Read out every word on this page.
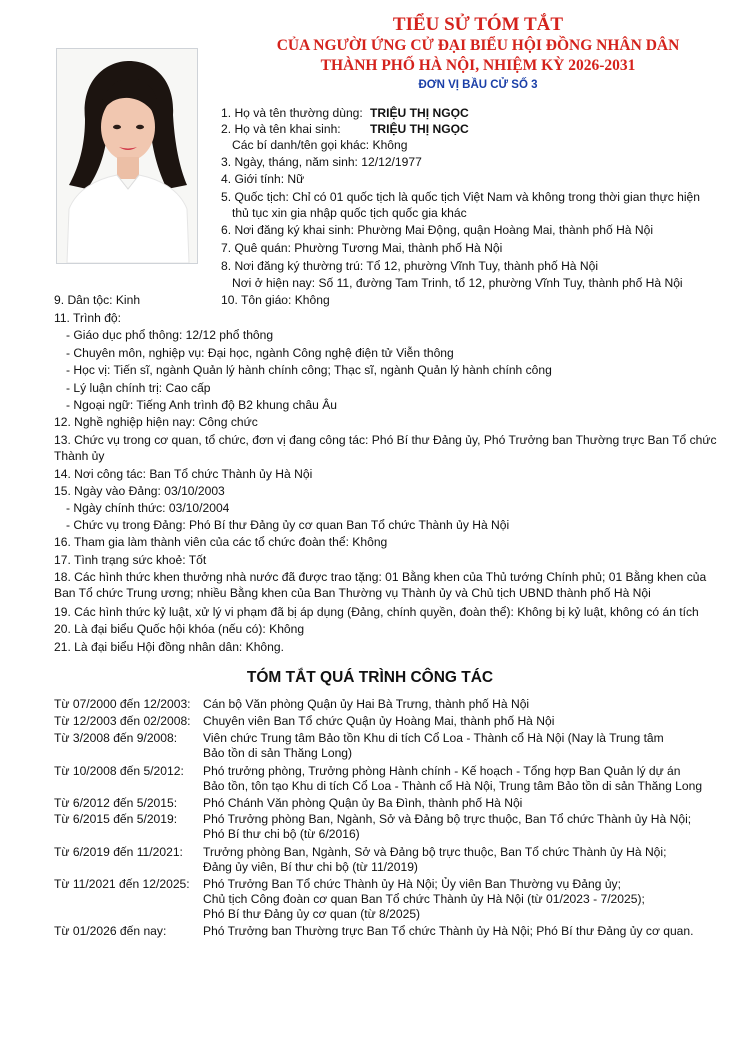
TIỂU SỬ TÓM TẮT
CỦA NGƯỜI ỨNG CỬ ĐẠI BIỂU HỘI ĐỒNG NHÂN DÂN
THÀNH PHỐ HÀ NỘI, NHIỆM KỲ 2026-2031
ĐƠN VỊ BẦU CỬ SỐ 3
1. Họ và tên thường dùng: TRIỆU THỊ NGỌC
2. Họ và tên khai sinh: TRIỆU THỊ NGỌC
Các bí danh/tên gọi khác: Không
3. Ngày, tháng, năm sinh: 12/12/1977
4. Giới tính: Nữ
5. Quốc tịch: Chỉ có 01 quốc tịch là quốc tịch Việt Nam và không trong thời gian thực hiện
thủ tục xin gia nhập quốc tịch quốc gia khác
6. Nơi đăng ký khai sinh: Phường Mai Động, quận Hoàng Mai, thành phố Hà Nội
7. Quê quán: Phường Tương Mai, thành phố Hà Nội
8. Nơi đăng ký thường trú: Tổ 12, phường Vĩnh Tuy, thành phố Hà Nội
Nơi ở hiện nay: Số 11, đường Tam Trinh, tổ 12, phường Vĩnh Tuy, thành phố Hà Nội
9. Dân tộc: Kinh	10. Tôn giáo: Không
11. Trình độ:
- Giáo dục phổ thông: 12/12 phổ thông
- Chuyên môn, nghiệp vụ: Đại học, ngành Công nghệ điện tử Viễn thông
- Học vị: Tiến sĩ, ngành Quản lý hành chính công; Thạc sĩ, ngành Quản lý hành chính công
- Lý luận chính trị: Cao cấp
- Ngoại ngữ: Tiếng Anh trình độ B2 khung châu Âu
12. Nghề nghiệp hiện nay: Công chức
13. Chức vụ trong cơ quan, tổ chức, đơn vị đang công tác: Phó Bí thư Đảng ủy, Phó Trưởng ban Thường trực Ban Tổ chức
Thành ủy
14. Nơi công tác: Ban Tổ chức Thành ủy Hà Nội
15. Ngày vào Đảng: 03/10/2003
- Ngày chính thức: 03/10/2004
- Chức vụ trong Đảng: Phó Bí thư Đảng ủy cơ quan Ban Tổ chức Thành ủy Hà Nội
16. Tham gia làm thành viên của các tổ chức đoàn thể: Không
17. Tình trạng sức khoẻ: Tốt
18. Các hình thức khen thưởng nhà nước đã được trao tặng: 01 Bằng khen của Thủ tướng Chính phủ; 01 Bằng khen của
Ban Tổ chức Trung ương; nhiều Bằng khen của Ban Thường vụ Thành ủy và Chủ tịch UBND thành phố Hà Nội
19. Các hình thức kỷ luật, xử lý vi phạm đã bị áp dụng (Đảng, chính quyền, đoàn thể): Không bị kỷ luật, không có án tích
20. Là đại biểu Quốc hội khóa (nếu có): Không
21. Là đại biểu Hội đồng nhân dân: Không.
TÓM TẮT QUÁ TRÌNH CÔNG TÁC
Từ 07/2000 đến 12/2003: Cán bộ Văn phòng Quận ủy Hai Bà Trưng, thành phố Hà Nội
Từ 12/2003 đến 02/2008: Chuyên viên Ban Tổ chức Quận ủy Hoàng Mai, thành phố Hà Nội
Từ 3/2008 đến 9/2008: Viên chức Trung tâm Bảo tồn Khu di tích Cổ Loa - Thành cổ Hà Nội (Nay là Trung tâm
Bảo tồn di sản Thăng Long)
Từ 10/2008 đến 5/2012: Phó trưởng phòng, Trưởng phòng Hành chính - Kế hoạch - Tổng hợp Ban Quản lý dự án
Bảo tồn, tôn tạo Khu di tích Cổ Loa - Thành cổ Hà Nội, Trung tâm Bảo tồn di sản Thăng Long
Từ 6/2012 đến 5/2015: Phó Chánh Văn phòng Quận ủy Ba Đình, thành phố Hà Nội
Từ 6/2015 đến 5/2019: Phó Trưởng phòng Ban, Ngành, Sở và Đảng bộ trực thuộc, Ban Tổ chức Thành ủy Hà Nội;
Phó Bí thư chi bộ (từ 6/2016)
Từ 6/2019 đến 11/2021: Trưởng phòng Ban, Ngành, Sở và Đảng bộ trực thuộc, Ban Tổ chức Thành ủy Hà Nội;
Đảng ủy viên, Bí thư chi bộ (từ 11/2019)
Từ 11/2021 đến 12/2025: Phó Trưởng Ban Tổ chức Thành ủy Hà Nội; Ủy viên Ban Thường vụ Đảng ủy;
Chủ tịch Công đoàn cơ quan Ban Tổ chức Thành ủy Hà Nội (từ 01/2023 - 7/2025);
Phó Bí thư Đảng ủy cơ quan (từ 8/2025)
Từ 01/2026 đến nay:	Phó Trưởng ban Thường trực Ban Tổ chức Thành ủy Hà Nội; Phó Bí thư Đảng ủy cơ quan.
